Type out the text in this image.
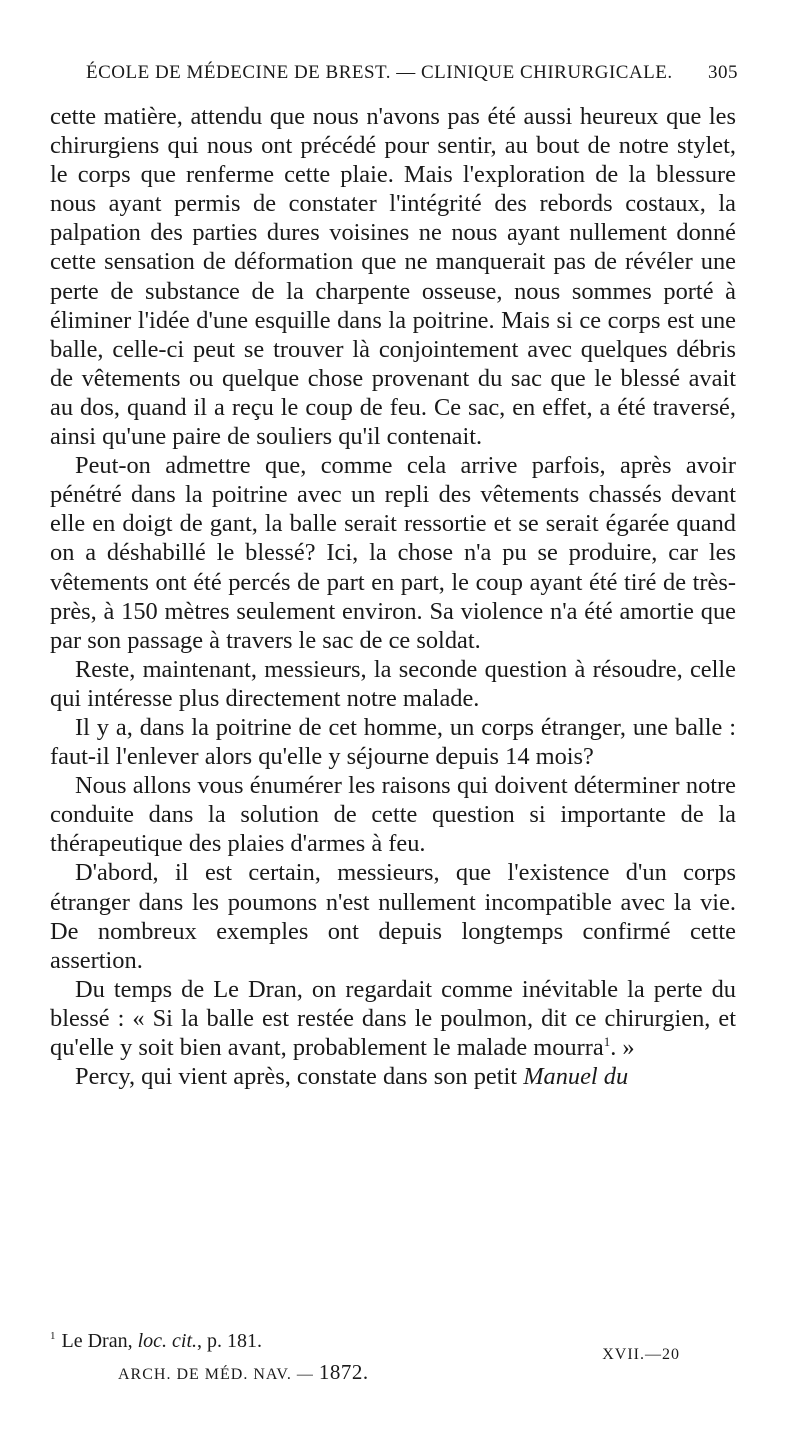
ÉCOLE DE MÉDECINE DE BREST. — CLINIQUE CHIRURGICALE. 305

cette matière, attendu que nous n'avons pas été aussi heureux que les chirurgiens qui nous ont précédé pour sentir, au bout de notre stylet, le corps que renferme cette plaie. Mais l'exploration de la blessure nous ayant permis de constater l'intégrité des rebords costaux, la palpation des parties dures voisines ne nous ayant nullement donné cette sensation de déformation que ne manquerait pas de révéler une perte de substance de la charpente osseuse, nous sommes porté à éliminer l'idée d'une esquille dans la poitrine. Mais si ce corps est une balle, celle-ci peut se trouver là conjointement avec quelques débris de vêtements ou quelque chose provenant du sac que le blessé avait au dos, quand il a reçu le coup de feu. Ce sac, en effet, a été traversé, ainsi qu'une paire de souliers qu'il contenait.

Peut-on admettre que, comme cela arrive parfois, après avoir pénétré dans la poitrine avec un repli des vêtements chassés devant elle en doigt de gant, la balle serait ressortie et se serait égarée quand on a déshabillé le blessé? Ici, la chose n'a pu se produire, car les vêtements ont été percés de part en part, le coup ayant été tiré de très-près, à 150 mètres seulement environ. Sa violence n'a été amortie que par son passage à travers le sac de ce soldat.

Reste, maintenant, messieurs, la seconde question à résoudre, celle qui intéresse plus directement notre malade.

Il y a, dans la poitrine de cet homme, un corps étranger, une balle : faut-il l'enlever alors qu'elle y séjourne depuis 14 mois?

Nous allons vous énumérer les raisons qui doivent déterminer notre conduite dans la solution de cette question si importante de la thérapeutique des plaies d'armes à feu.

D'abord, il est certain, messieurs, que l'existence d'un corps étranger dans les poumons n'est nullement incompatible avec la vie. De nombreux exemples ont depuis longtemps confirmé cette assertion.

Du temps de Le Dran, on regardait comme inévitable la perte du blessé : « Si la balle est restée dans le poulmon, dit ce chirurgien, et qu'elle y soit bien avant, probablement le malade mourra$^1$. »

Percy, qui vient après, constate dans son petit Manuel du

$^1$ Le Dran, loc. cit., p. 181.
XVII.—20
ARCH. DE MÉD. NAV. — 1872.
